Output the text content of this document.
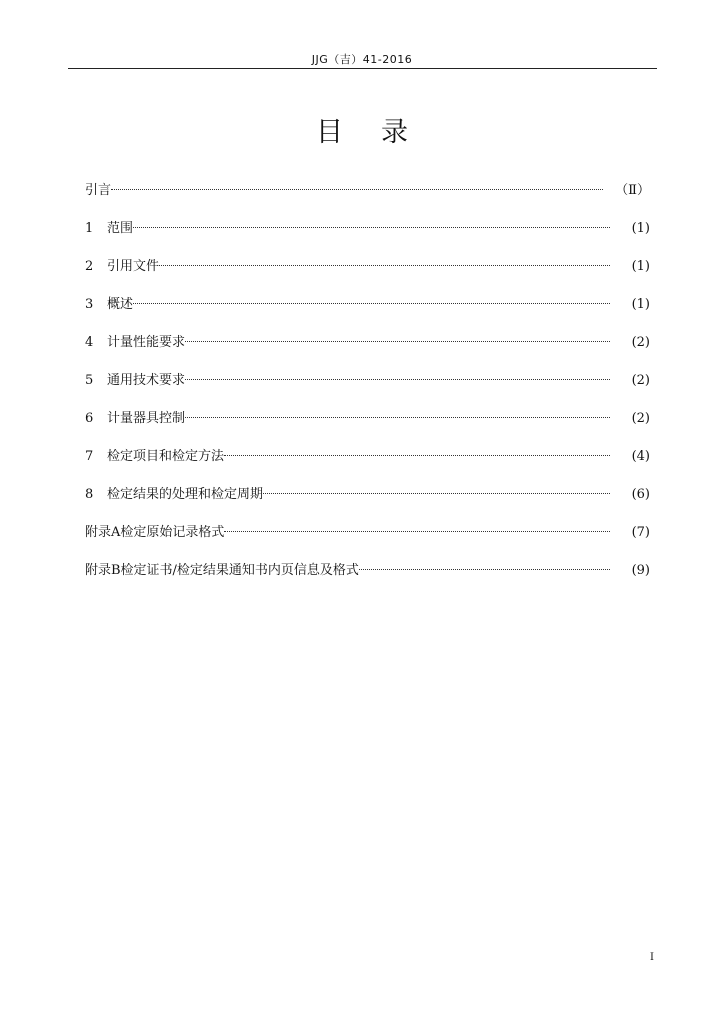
JJG（吉）41-2016
目录
引言	（Ⅱ）
1	范围	(1)
2	引用文件	(1)
3	概述	(1)
4	计量性能要求	(2)
5	通用技术要求	(2)
6	计量器具控制	(2)
7	检定项目和检定方法	(4)
8	检定结果的处理和检定周期	(6)
附录A检定原始记录格式	(7)
附录B检定证书/检定结果通知书内页信息及格式	(9)
I
